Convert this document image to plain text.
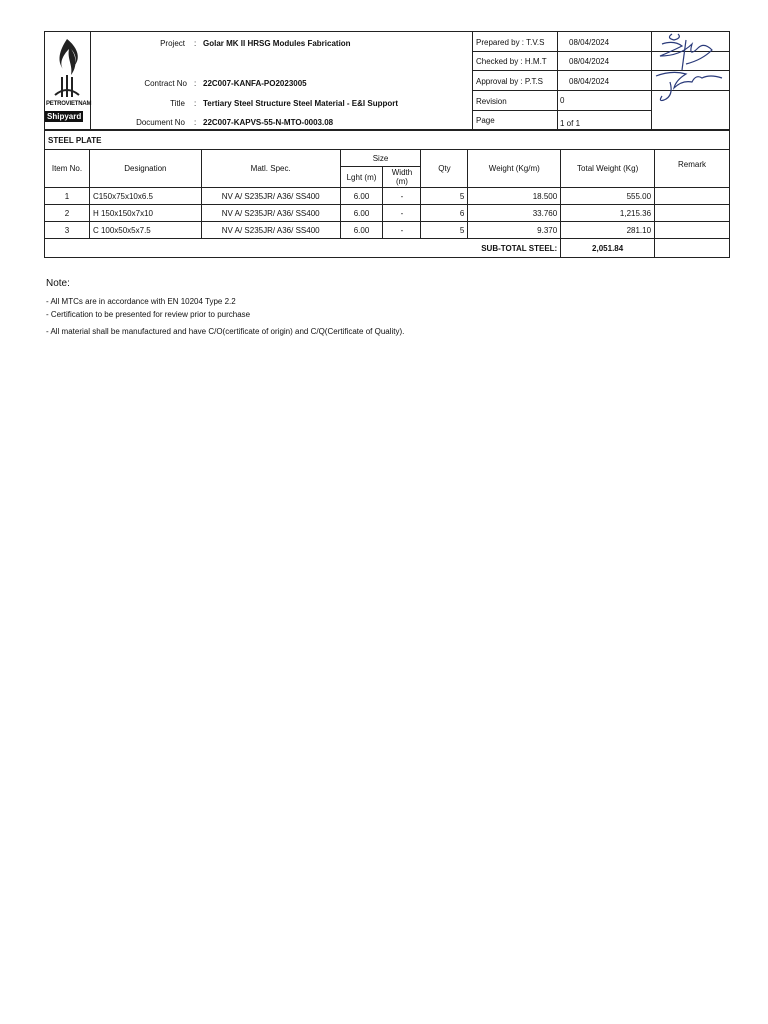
PETROVIETNAM
Shipyard
Project : Golar MK II HRSG Modules Fabrication
Contract No : 22C007-KANFA-PO2023005
Title : Tertiary Steel Structure Steel Material - E&I Support
Document No : 22C007-KAPVS-55-N-MTO-0003.08
Prepared by : T.V.S	08/04/2024
Checked by : H.M.T	08/04/2024
Approval by : P.T.S	08/04/2024
Revision	0
Page	1 of 1
STEEL PLATE								
Item No.	Designation	Matl. Spec.	Size		Qty	Weight (Kg/m)	Total Weight (Kg)	Remark
			Lght (m)	Width (m)				
1	C150x75x10x6.5	NV A/ S235JR/ A36/ SS400	6.00	-	5	18.500	555.00	
2	H 150x150x7x10	NV A/ S235JR/ A36/ SS400	6.00	-	6	33.760	1,215.36	
3	C 100x50x5x7.5	NV A/ S235JR/ A36/ SS400	6.00	-	5	9.370	281.10	
SUB-TOTAL STEEL:							2,051.84	
Note:
- All MTCs are in accordance with EN 10204 Type 2.2
- Certification to be presented for review prior to purchase
- All material shall be manufactured and have C/O(certificate of origin) and C/Q(Certificate of Quality).
